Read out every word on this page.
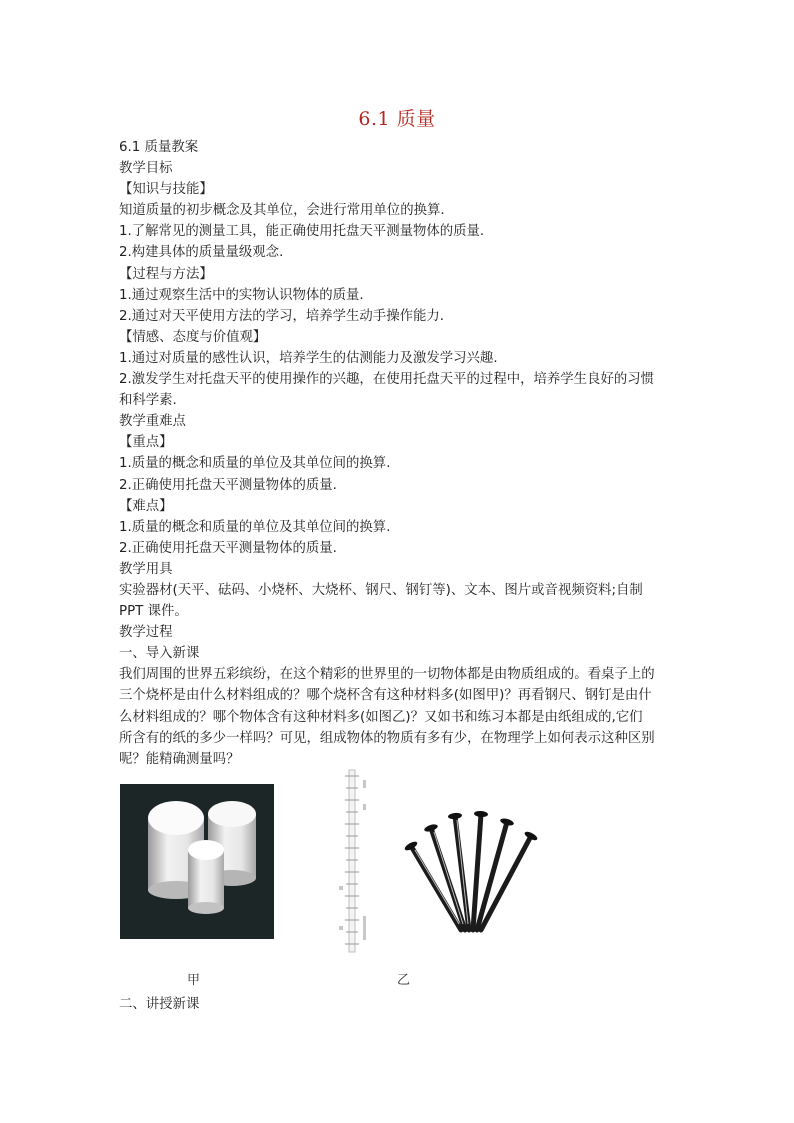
6.1 质量

6.1 质量教案

教学目标

【知识与技能】

知道质量的初步概念及其单位，会进行常用单位的换算.

1.了解常见的测量工具，能正确使用托盘天平测量物体的质量.

2.构建具体的质量量级观念.

【过程与方法】

1.通过观察生活中的实物认识物体的质量.

2.通过对天平使用方法的学习，培养学生动手操作能力.

【情感、态度与价值观】

1.通过对质量的感性认识，培养学生的估测能力及激发学习兴趣.

2.激发学生对托盘天平的使用操作的兴趣，在使用托盘天平的过程中，培养学生良好的习惯

和科学素.

教学重难点

【重点】

1.质量的概念和质量的单位及其单位间的换算.

2.正确使用托盘天平测量物体的质量.

【难点】

1.质量的概念和质量的单位及其单位间的换算.

2.正确使用托盘天平测量物体的质量.

教学用具

实验器材(天平、砝码、小烧杯、大烧杯、钢尺、钢钉等)、文本、图片或音视频资料;自制

PPT 课件。

教学过程

一、导入新课

我们周围的世界五彩缤纷，在这个精彩的世界里的一切物体都是由物质组成的。看桌子上的

三个烧杯是由什么材料组成的？哪个烧杯含有这种材料多(如图甲)？再看钢尺、钢钉是由什

么材料组成的？哪个物体含有这种材料多(如图乙)？又如书和练习本都是由纸组成的,它们

所含有的纸的多少一样吗？可见，组成物体的物质有多有少，在物理学上如何表示这种区别

呢？能精确测量吗？

甲	乙

二、讲授新课
